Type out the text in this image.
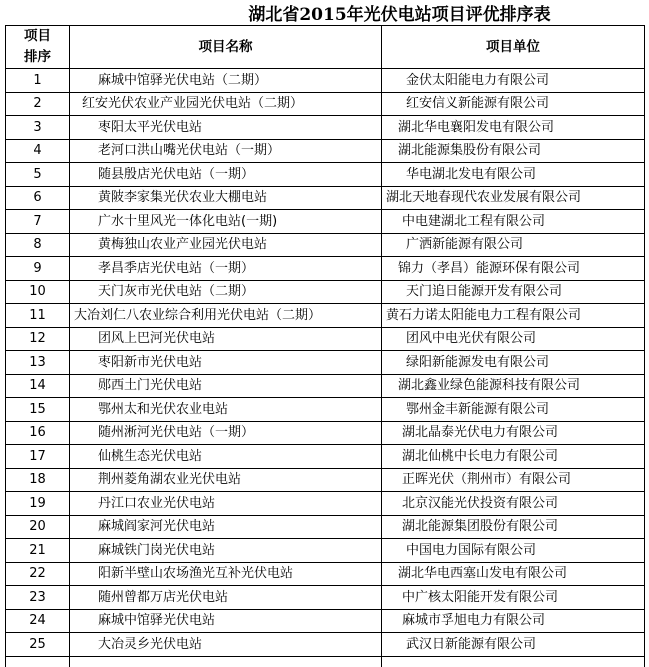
湖北省2015年光伏电站项目评优排序表
项目
排序	项目名称	项目单位
1	麻城中馆驿光伏电站（二期）	金伏太阳能电力有限公司
2	红安光伏农业产业园光伏电站（二期）	红安信义新能源有限公司
3	枣阳太平光伏电站	湖北华电襄阳发电有限公司
4	老河口洪山嘴光伏电站（一期）	湖北能源集股份有限公司
5	随县殷店光伏电站（一期）	华电湖北发电有限公司
6	黄陂李家集光伏农业大棚电站	湖北天地春现代农业发展有限公司
7	广水十里风光一体化电站(一期)	中电建湖北工程有限公司
8	黄梅独山农业产业园光伏电站	广洒新能源有限公司
9	孝昌季店光伏电站（一期）	锦力（孝昌）能源环保有限公司
10	天门灰市光伏电站（二期）	天门追日能源开发有限公司
11	大冶刘仁八农业综合利用光伏电站（二期）	黄石力诺太阳能电力工程有限公司
12	团风上巴河光伏电站	团风中电光伏有限公司
13	枣阳新市光伏电站	绿阳新能源发电有限公司
14	郧西土门光伏电站	湖北鑫业绿色能源科技有限公司
15	鄂州太和光伏农业电站	鄂州金丰新能源有限公司
16	随州淅河光伏电站（一期）	湖北晶泰光伏电力有限公司
17	仙桃生态光伏电站	湖北仙桃中长电力有限公司
18	荆州菱角湖农业光伏电站	正晖光伏（荆州市）有限公司
19	丹江口农业光伏电站	北京汉能光伏投资有限公司
20	麻城阎家河光伏电站	湖北能源集团股份有限公司
21	麻城铁门岗光伏电站	中国电力国际有限公司
22	阳新半壁山农场渔光互补光伏电站	湖北华电西塞山发电有限公司
23	随州曾都万店光伏电站	中广核太阳能开发有限公司
24	麻城中馆驿光伏电站	麻城市孚旭电力有限公司
25	大冶灵乡光伏电站	武汉日新能源有限公司
